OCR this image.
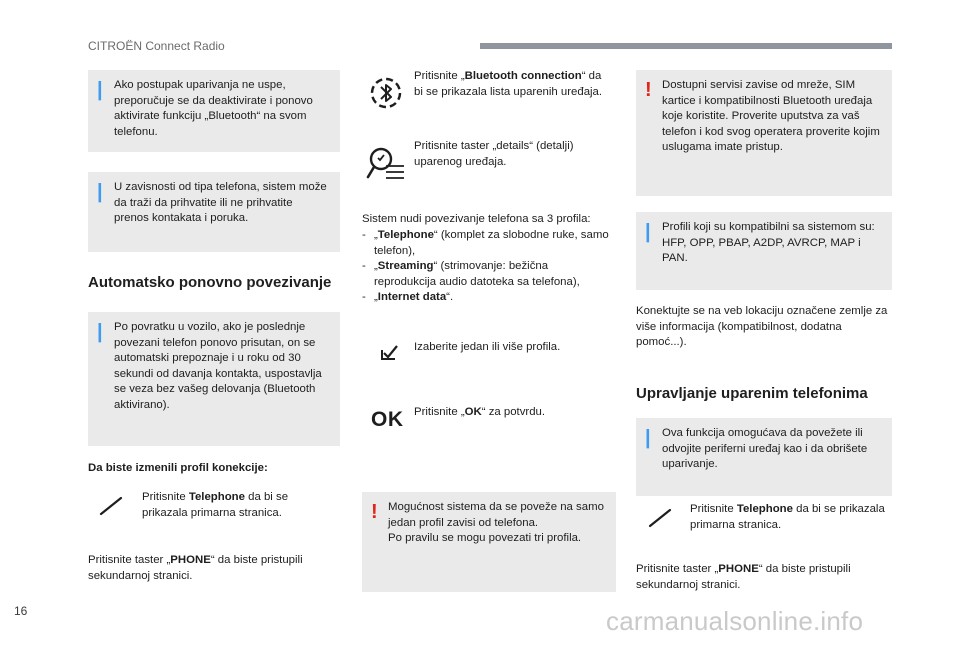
CITROËN Connect Radio
| Ako postupak uparivanja ne uspe, preporučuje se da deaktivirate i ponovo aktivirate funkciju „Bluetooth“ na svom telefonu.

| U zavisnosti od tipa telefona, sistem može da traži da prihvatite ili ne prihvatite prenos kontakata i poruka.

Automatsko ponovno povezivanje
| Po povratku u vozilo, ako je poslednje povezani telefon ponovo prisutan, on se automatski prepoznaje i u roku od 30 sekundi od davanja kontakta, uspostavlja se veza bez vašeg delovanja (Bluetooth aktivirano).

Da biste izmenili profil konekcije:
Pritisnite Telephone da bi se prikazala primarna stranica.
Pritisnite taster „PHONE“ da biste pristupili sekundarnoj stranici.
Pritisnite „Bluetooth connection“ da bi se prikazala lista uparenih uređaja.
Pritisnite taster „details“ (detalji) uparenog uređaja.
Sistem nudi povezivanje telefona sa 3 profila:
- „Telephone“ (komplet za slobodne ruke, samo telefon),
- „Streaming“ (strimovanje: bežična reprodukcija audio datoteka sa telefona),
- „Internet data“.
Izaberite jedan ili više profila.
OK Pritisnite „OK“ za potvrdu.
! Mogućnost sistema da se poveže na samo jedan profil zavisi od telefona.

Po pravilu se mogu povezati tri profila.

! Dostupni servisi zavise od mreže, SIM kartice i kompatibilnosti Bluetooth uređaja koje koristite. Proverite uputstva za vaš telefon i kod svog operatera proverite kojim uslugama imate pristup.

| Profili koji su kompatibilni sa sistemom su: HFP, OPP, PBAP, A2DP, AVRCP, MAP i PAN.

Konektujte se na veb lokaciju označene zemlje za više informacija (kompatibilnost, dodatna pomoć...).
Upravljanje uparenim telefonima
| Ova funkcija omogućava da povežete ili odvojite periferni uređaj kao i da obrišete uparivanje.

Pritisnite Telephone da bi se prikazala primarna stranica.
Pritisnite taster „PHONE“ da biste pristupili sekundarnoj stranici.
16	carmanualsonline.info
